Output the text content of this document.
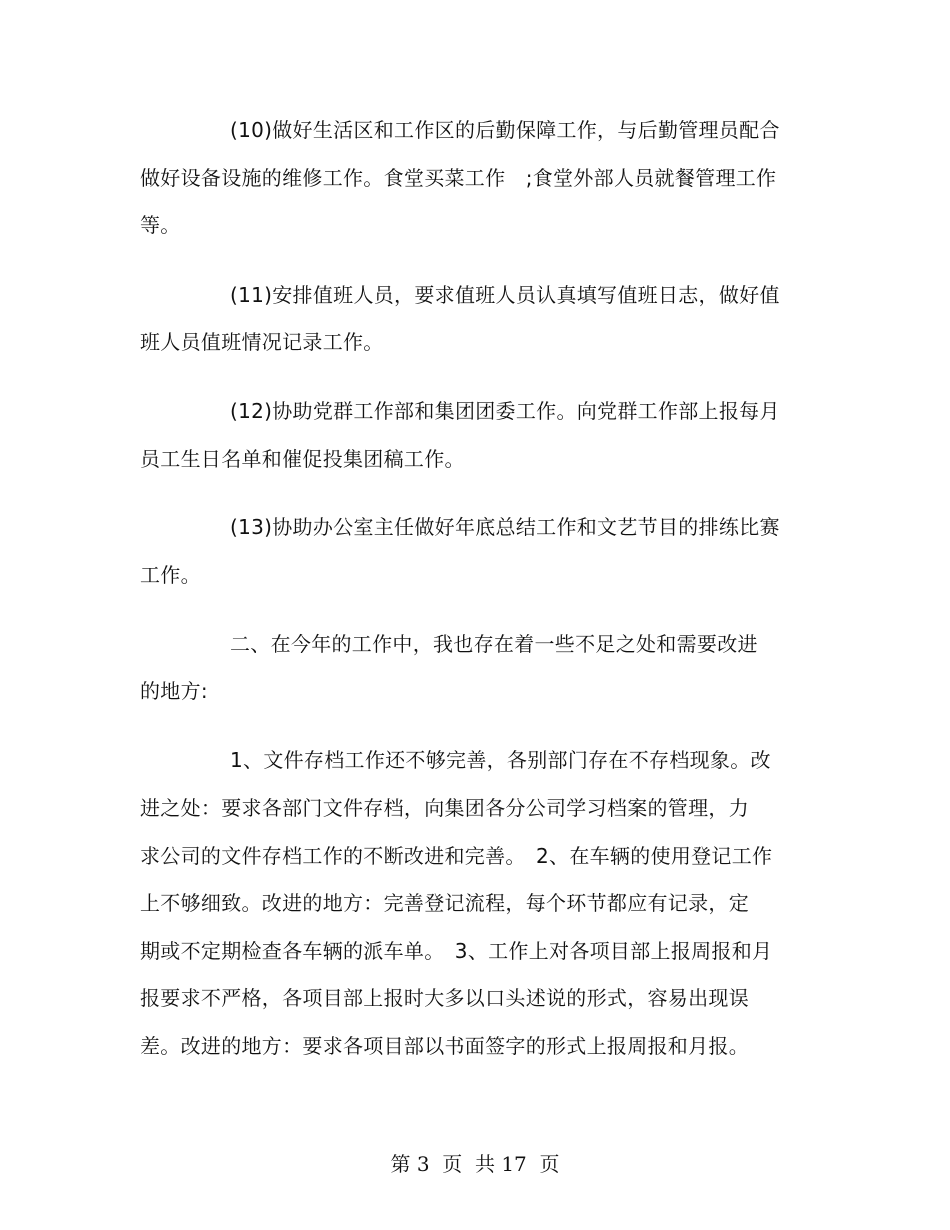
(10)做好生活区和工作区的后勤保障工作，与后勤管理员配合
做好设备设施的维修工作。食堂买菜工作　;食堂外部人员就餐管理工作
等。
(11)安排值班人员，要求值班人员认真填写值班日志，做好值
班人员值班情况记录工作。
(12)协助党群工作部和集团团委工作。向党群工作部上报每月
员工生日名单和催促投集团稿工作。
(13)协助办公室主任做好年底总结工作和文艺节目的排练比赛
工作。
二、在今年的工作中，我也存在着一些不足之处和需要改进
的地方:
1、文件存档工作还不够完善，各别部门存在不存档现象。改
进之处：要求各部门文件存档，向集团各分公司学习档案的管理，力
求公司的文件存档工作的不断改进和完善。　2、在车辆的使用登记工作
上不够细致。改进的地方：完善登记流程，每个环节都应有记录，定
期或不定期检查各车辆的派车单。　3、工作上对各项目部上报周报和月
报要求不严格，各项目部上报时大多以口头述说的形式，容易出现误
差。改进的地方：要求各项目部以书面签字的形式上报周报和月报。
第 3  页  共 17  页
